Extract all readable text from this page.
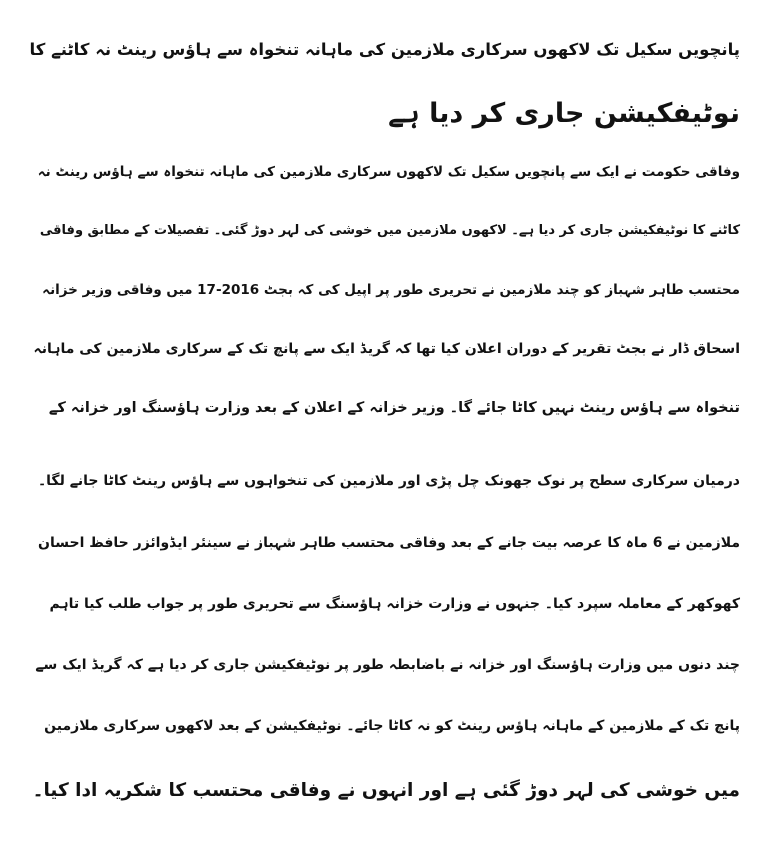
پانچویں سکیل تک لاکھوں سرکاری ملازمین کی ماہانہ تنخواہ سے ہاؤس رینٹ نہ کاٹنے کا
نوٹیفکیشن جاری کر دیا ہے
وفاقی حکومت نے ایک سے پانچویں سکیل تک لاکھوں سرکاری ملازمین کی ماہانہ تنخواہ سے ہاؤس رینٹ نہ
کاٹنے کا نوٹیفکیشن جاری کر دیا ہے۔ لاکھوں ملازمین میں خوشی کی لہر دوڑ گئی۔ تفصیلات کے مطابق وفاقی
محتسب طاہر شہباز کو چند ملازمین نے تحریری طور پر اپیل کی کہ بجٹ 2016-17 میں وفاقی وزیر خزانہ
اسحاق ڈار نے بجٹ تقریر کے دوران اعلان کیا تھا کہ گریڈ ایک سے پانچ تک کے سرکاری ملازمین کی ماہانہ
تنخواہ سے ہاؤس رینٹ نہیں کاٹا جائے گا۔ وزیر خزانہ کے اعلان کے بعد وزارت ہاؤسنگ اور خزانہ کے
درمیان سرکاری سطح پر نوک جھونک چل پڑی اور ملازمین کی تنخواہوں سے ہاؤس رینٹ کاٹا جانے لگا۔
ملازمین نے 6 ماہ کا عرصہ بیت جانے کے بعد وفاقی محتسب طاہر شہباز نے سینئر ایڈوائزر حافظ احسان
کھوکھر کے معاملہ سپرد کیا۔ جنہوں نے وزارت خزانہ ہاؤسنگ سے تحریری طور پر جواب طلب کیا تاہم
چند دنوں میں وزارت ہاؤسنگ اور خزانہ نے باضابطہ طور پر نوٹیفکیشن جاری کر دیا ہے کہ گریڈ ایک سے
پانچ تک کے ملازمین کے ماہانہ ہاؤس رینٹ کو نہ کاٹا جائے۔ نوٹیفکیشن کے بعد لاکھوں سرکاری ملازمین
میں خوشی کی لہر دوڑ گئی ہے اور انہوں نے وفاقی محتسب کا شکریہ ادا کیا۔
